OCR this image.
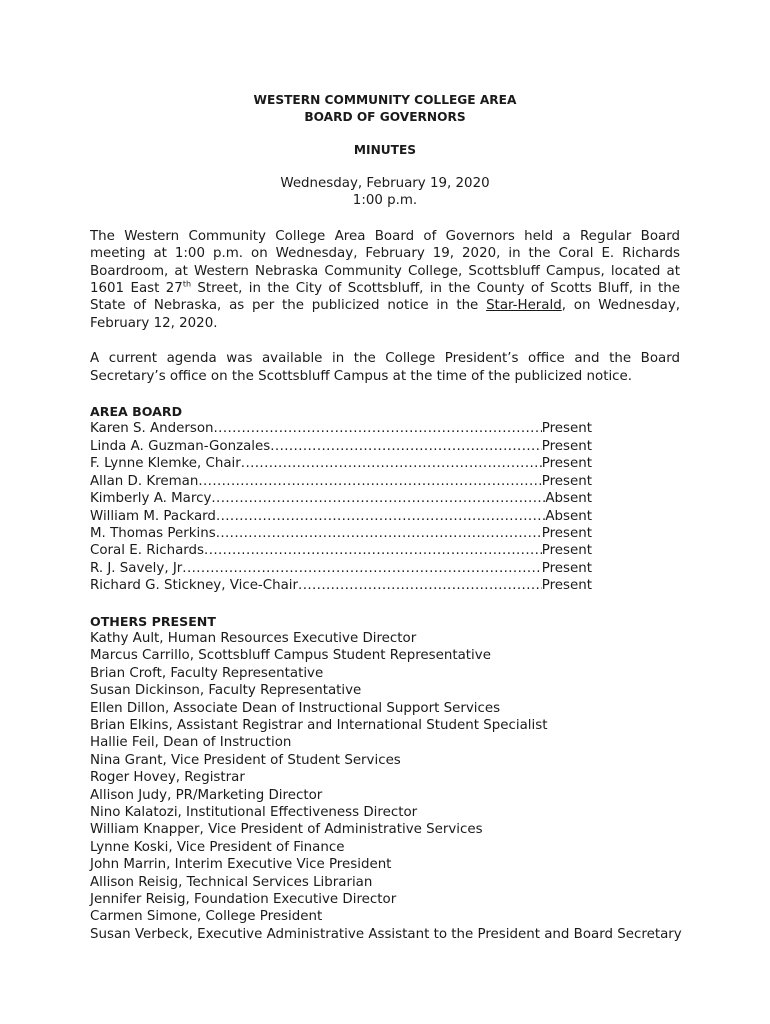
WESTERN COMMUNITY COLLEGE AREA
BOARD OF GOVERNORS
MINUTES
Wednesday, February 19, 2020
1:00 p.m.
The Western Community College Area Board of Governors held a Regular Board meeting at 1:00 p.m. on Wednesday, February 19, 2020, in the Coral E. Richards Boardroom, at Western Nebraska Community College, Scottsbluff Campus, located at 1601 East 27th Street, in the City of Scottsbluff, in the County of Scotts Bluff, in the State of Nebraska, as per the publicized notice in the Star-Herald, on Wednesday, February 12, 2020.
A current agenda was available in the College President’s office and the Board Secretary’s office on the Scottsbluff Campus at the time of the publicized notice.
AREA BOARD
Karen S. Anderson .....	Present
Linda A. Guzman-Gonzales .....	Present
F. Lynne Klemke, Chair .....	Present
Allan D. Kreman .....	Present
Kimberly A. Marcy .....	Absent
William M. Packard .....	Absent
M. Thomas Perkins .....	Present
Coral E. Richards .....	Present
R. J. Savely, Jr .....	Present
Richard G. Stickney, Vice-Chair .....	Present
OTHERS PRESENT
Kathy Ault, Human Resources Executive Director
Marcus Carrillo, Scottsbluff Campus Student Representative
Brian Croft, Faculty Representative
Susan Dickinson, Faculty Representative
Ellen Dillon, Associate Dean of Instructional Support Services
Brian Elkins, Assistant Registrar and International Student Specialist
Hallie Feil, Dean of Instruction
Nina Grant, Vice President of Student Services
Roger Hovey, Registrar
Allison Judy, PR/Marketing Director
Nino Kalatozi, Institutional Effectiveness Director
William Knapper, Vice President of Administrative Services
Lynne Koski, Vice President of Finance
John Marrin, Interim Executive Vice President
Allison Reisig, Technical Services Librarian
Jennifer Reisig, Foundation Executive Director
Carmen Simone, College President
Susan Verbeck, Executive Administrative Assistant to the President and Board Secretary
